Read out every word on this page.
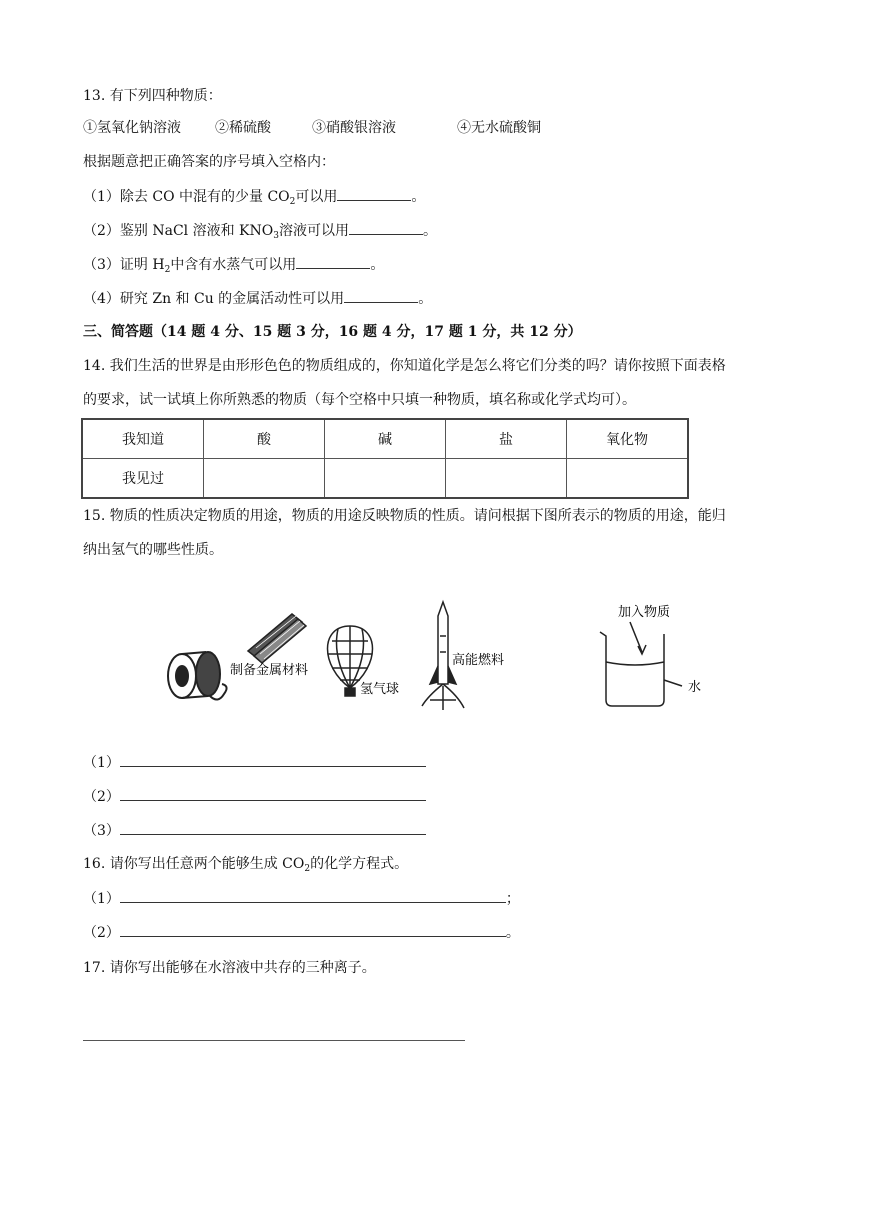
13. 有下列四种物质：
①氢氧化钠溶液 ②稀硫酸	③硝酸银溶液	④无水硫酸铜
根据题意把正确答案的序号填入空格内：
（1）除去 CO 中混有的少量 $CO_2$可以用	。
（2）鉴别 NaCl 溶液和 $KNO_3$溶液可以用	。
（3）证明 $H_2$中含有水蒸气可以用	。
（4）研究 Zn 和 Cu 的金属活动性可以用	。
三、简答题（14 题 4 分、15 题 3 分，16 题 4 分，17 题 1 分，共 12 分）
14. 我们生活的世界是由形形色色的物质组成的，你知道化学是怎么将它们分类的吗？请你按照下面表格
的要求，试一试填上你所熟悉的物质（每个空格中只填一种物质，填名称或化学式均可）。
我知道	酸	碱	盐	氧化物
我见过				
15. 物质的性质决定物质的用途，物质的用途反映物质的性质。请问根据下图所表示的物质的用途，能归
纳出氢气的哪些性质。
制备金属材料
氢气球
高能燃料
加入物质
水
（1）
（2）
（3）
16. 请你写出任意两个能够生成 $CO_2$的化学方程式。
（1）	；
（2）	。
17. 请你写出能够在水溶液中共存的三种离子。
